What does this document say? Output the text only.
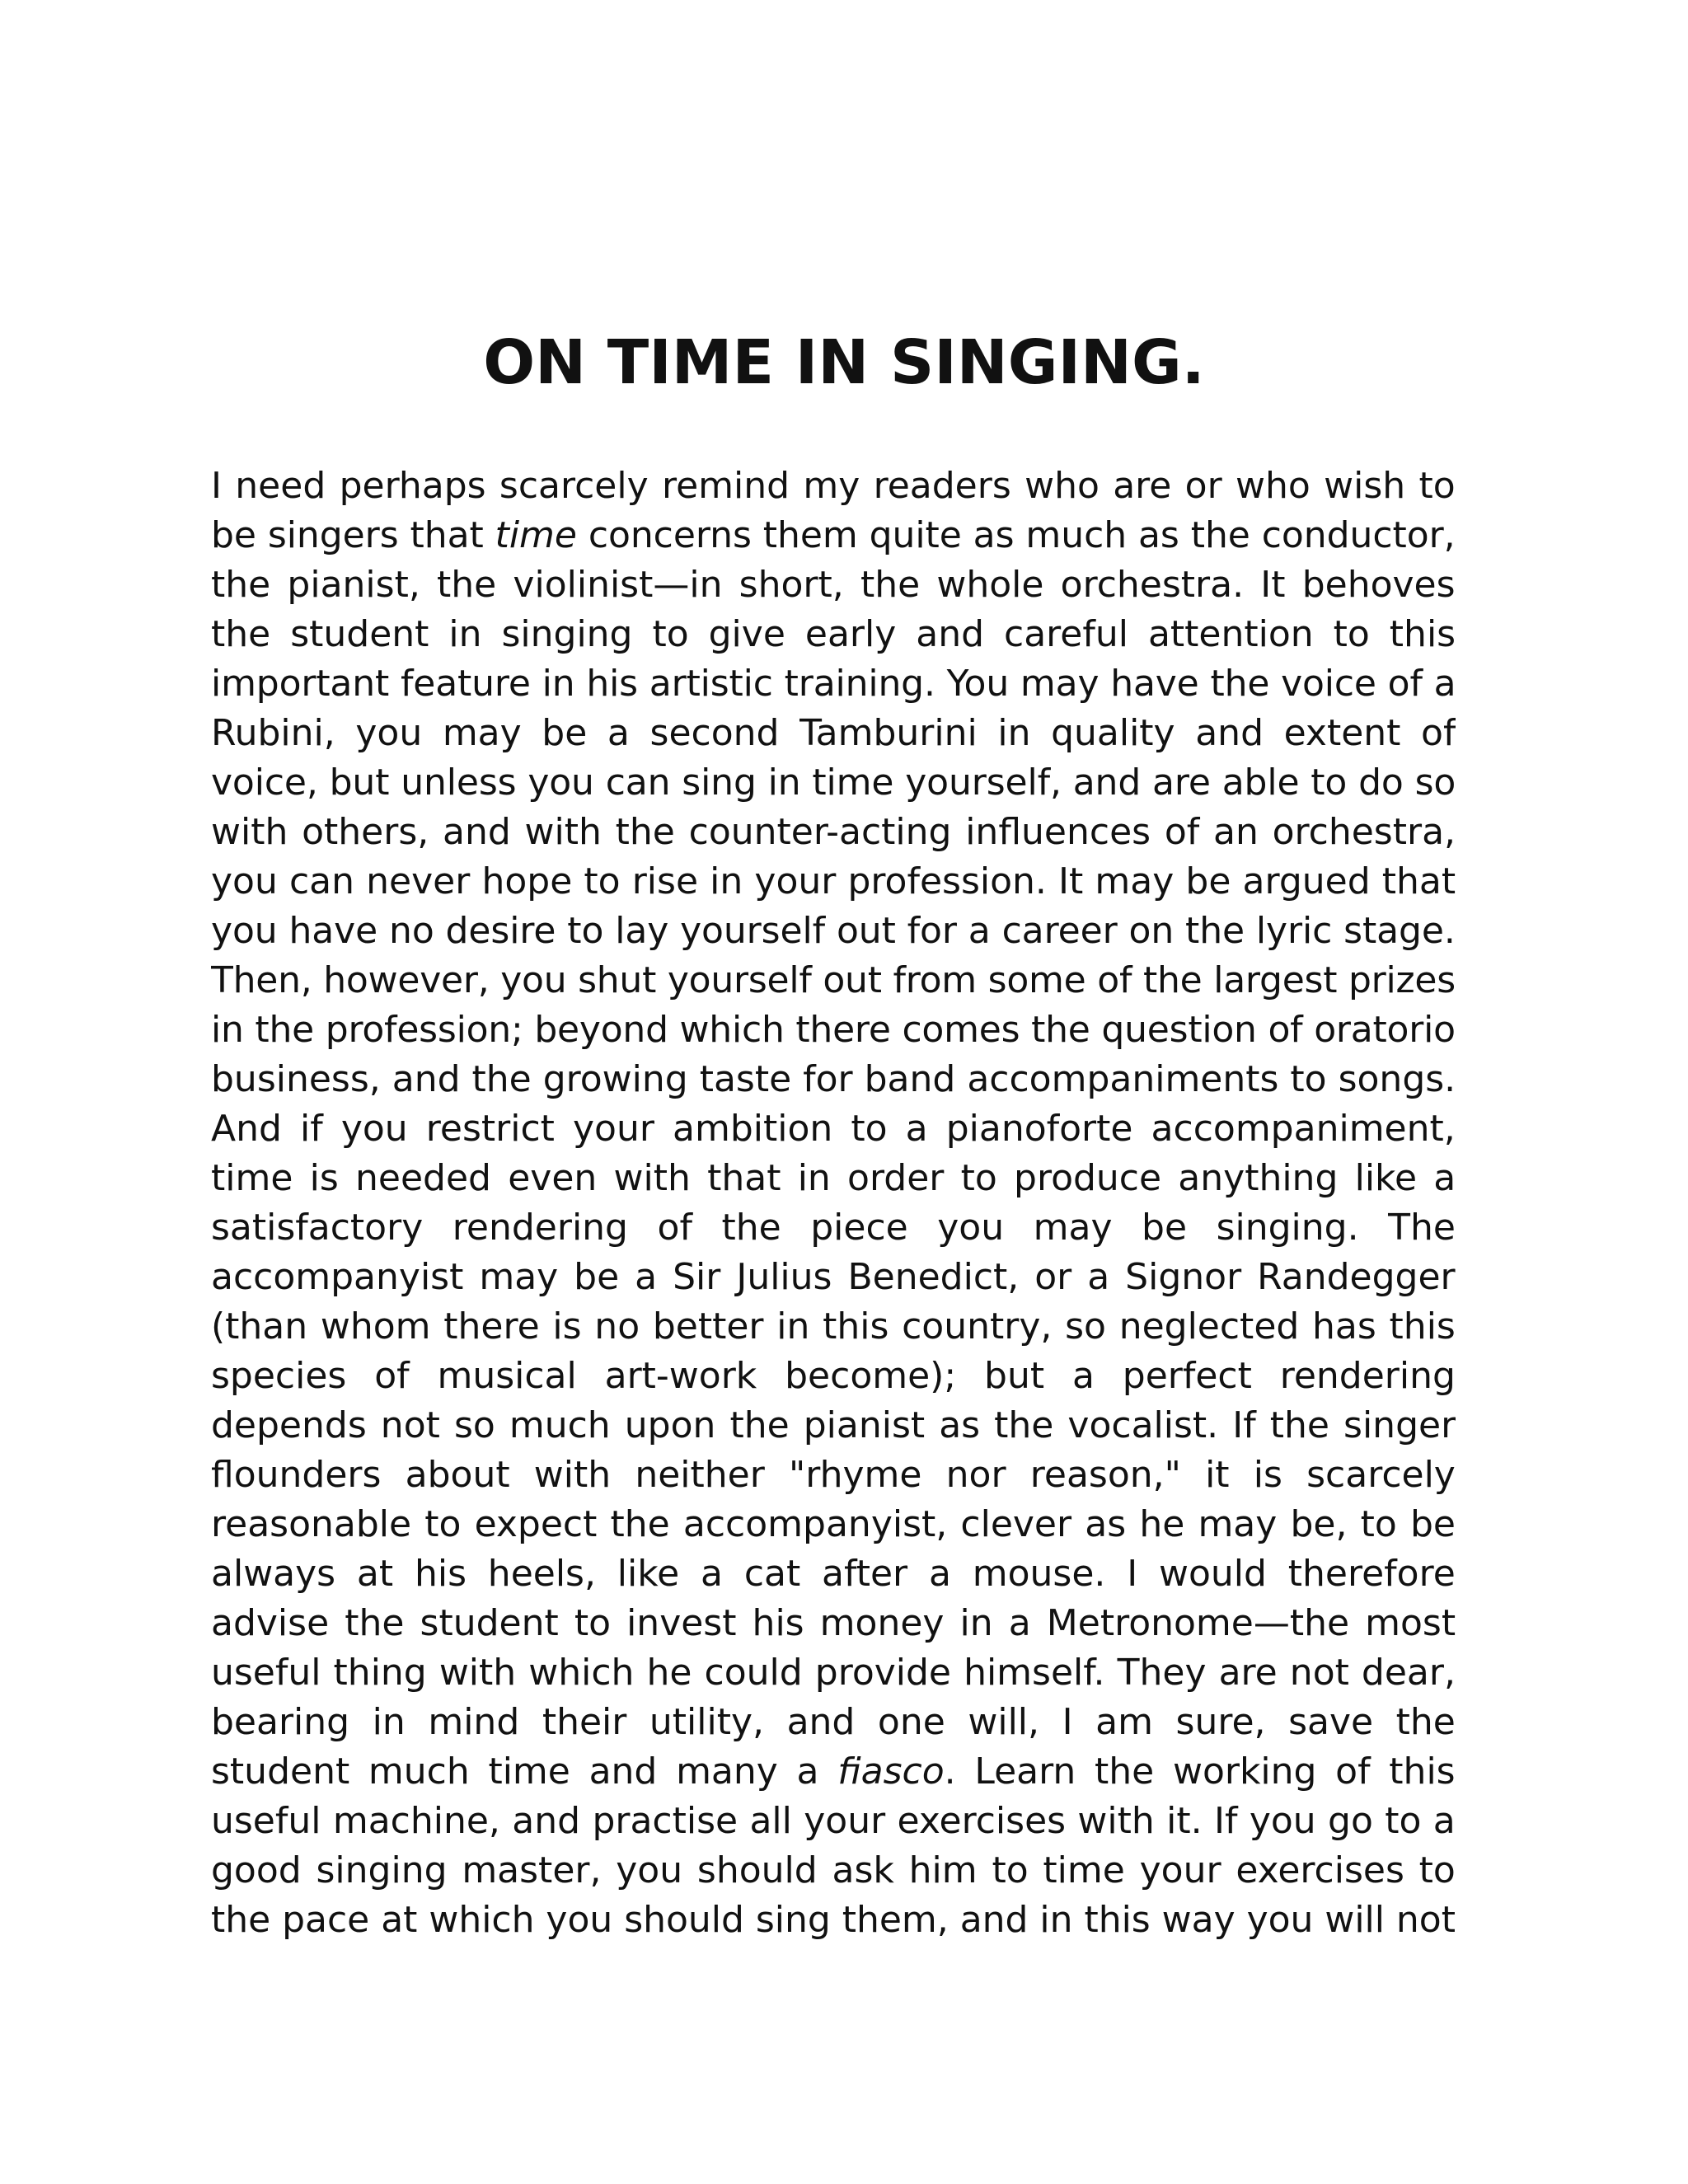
ON TIME IN SINGING.
I need perhaps scarcely remind my readers who are or who wish to
be singers that time concerns them quite as much as the conductor,
the pianist, the violinist—in short, the whole orchestra. It behoves
the student in singing to give early and careful attention to this
important feature in his artistic training. You may have the voice of a
Rubini, you may be a second Tamburini in quality and extent of
voice, but unless you can sing in time yourself, and are able to do so
with others, and with the counter-acting influences of an orchestra,
you can never hope to rise in your profession. It may be argued that
you have no desire to lay yourself out for a career on the lyric stage.
Then, however, you shut yourself out from some of the largest prizes
in the profession; beyond which there comes the question of oratorio
business, and the growing taste for band accompaniments to songs.
And if you restrict your ambition to a pianoforte accompaniment,
time is needed even with that in order to produce anything like a
satisfactory rendering of the piece you may be singing. The
accompanyist may be a Sir Julius Benedict, or a Signor Randegger
(than whom there is no better in this country, so neglected has this
species of musical art-work become); but a perfect rendering
depends not so much upon the pianist as the vocalist. If the singer
flounders about with neither "rhyme nor reason," it is scarcely
reasonable to expect the accompanyist, clever as he may be, to be
always at his heels, like a cat after a mouse. I would therefore
advise the student to invest his money in a Metronome—the most
useful thing with which he could provide himself. They are not dear,
bearing in mind their utility, and one will, I am sure, save the
student much time and many a fiasco. Learn the working of this
useful machine, and practise all your exercises with it. If you go to a
good singing master, you should ask him to time your exercises to
the pace at which you should sing them, and in this way you will not
